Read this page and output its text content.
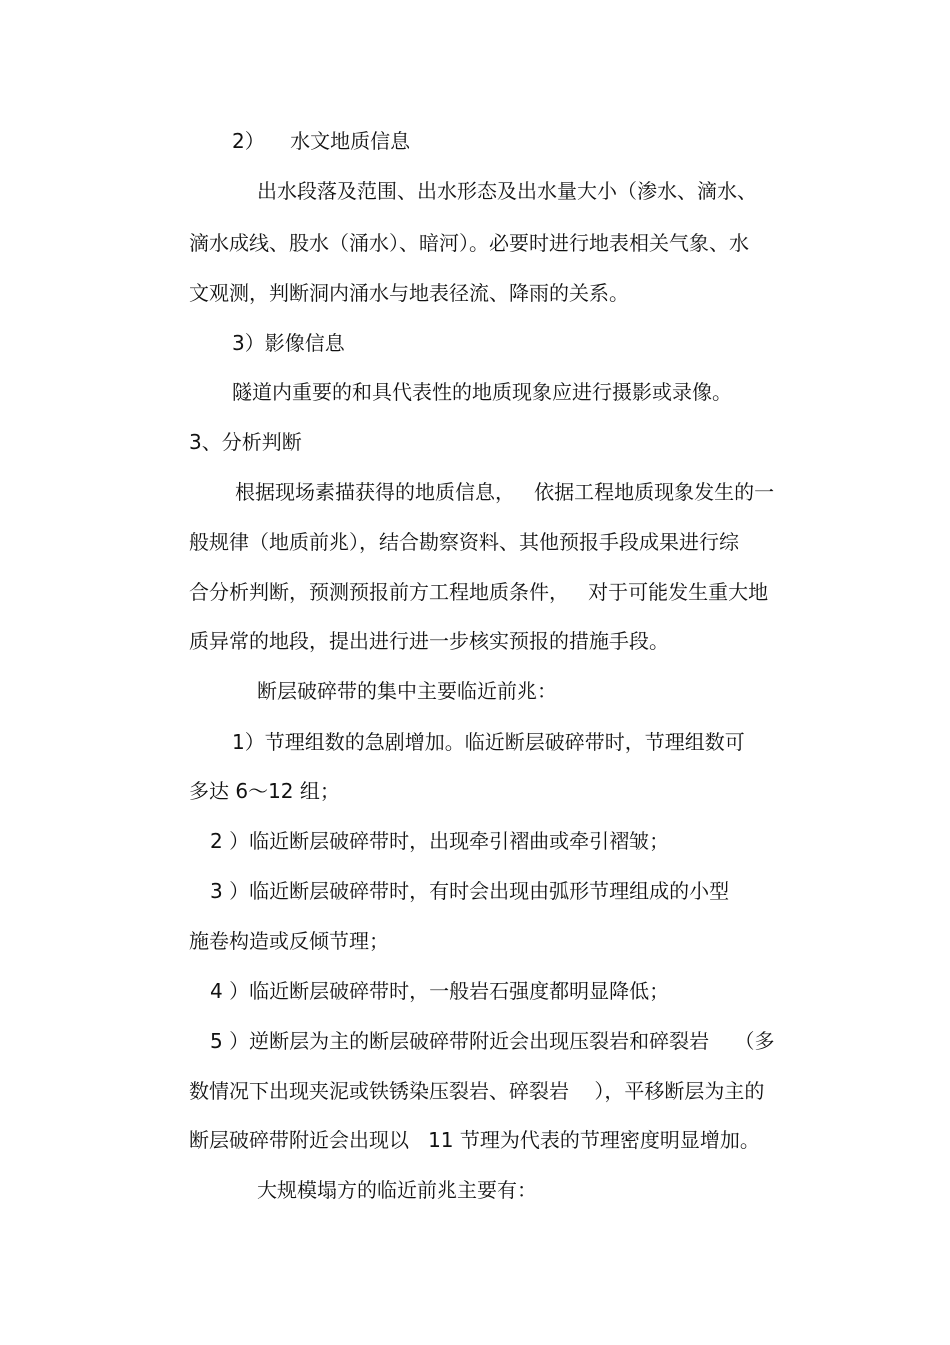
2）    水文地质信息
出水段落及范围、出水形态及出水量大小（渗水、滴水、
滴水成线、股水（涌水）、暗河）。必要时进行地表相关气象、水
文观测，判断洞内涌水与地表径流、降雨的关系。
3）影像信息
隧道内重要的和具代表性的地质现象应进行摄影或录像。
3、分析判断
根据现场素描获得的地质信息，   依据工程地质现象发生的一
般规律（地质前兆），结合勘察资料、其他预报手段成果进行综
合分析判断，预测预报前方工程地质条件，   对于可能发生重大地
质异常的地段，提出进行进一步核实预报的措施手段。
断层破碎带的集中主要临近前兆：
1）节理组数的急剧增加。临近断层破碎带时，节理组数可
多达 6～12 组；
2 ）临近断层破碎带时，出现牵引褶曲或牵引褶皱；
3 ）临近断层破碎带时，有时会出现由弧形节理组成的小型
施卷构造或反倾节理；
4 ）临近断层破碎带时，一般岩石强度都明显降低；
5 ）逆断层为主的断层破碎带附近会出现压裂岩和碎裂岩    （多
数情况下出现夹泥或铁锈染压裂岩、碎裂岩    ），平移断层为主的
断层破碎带附近会出现以   11 节理为代表的节理密度明显增加。
大规模塌方的临近前兆主要有：
